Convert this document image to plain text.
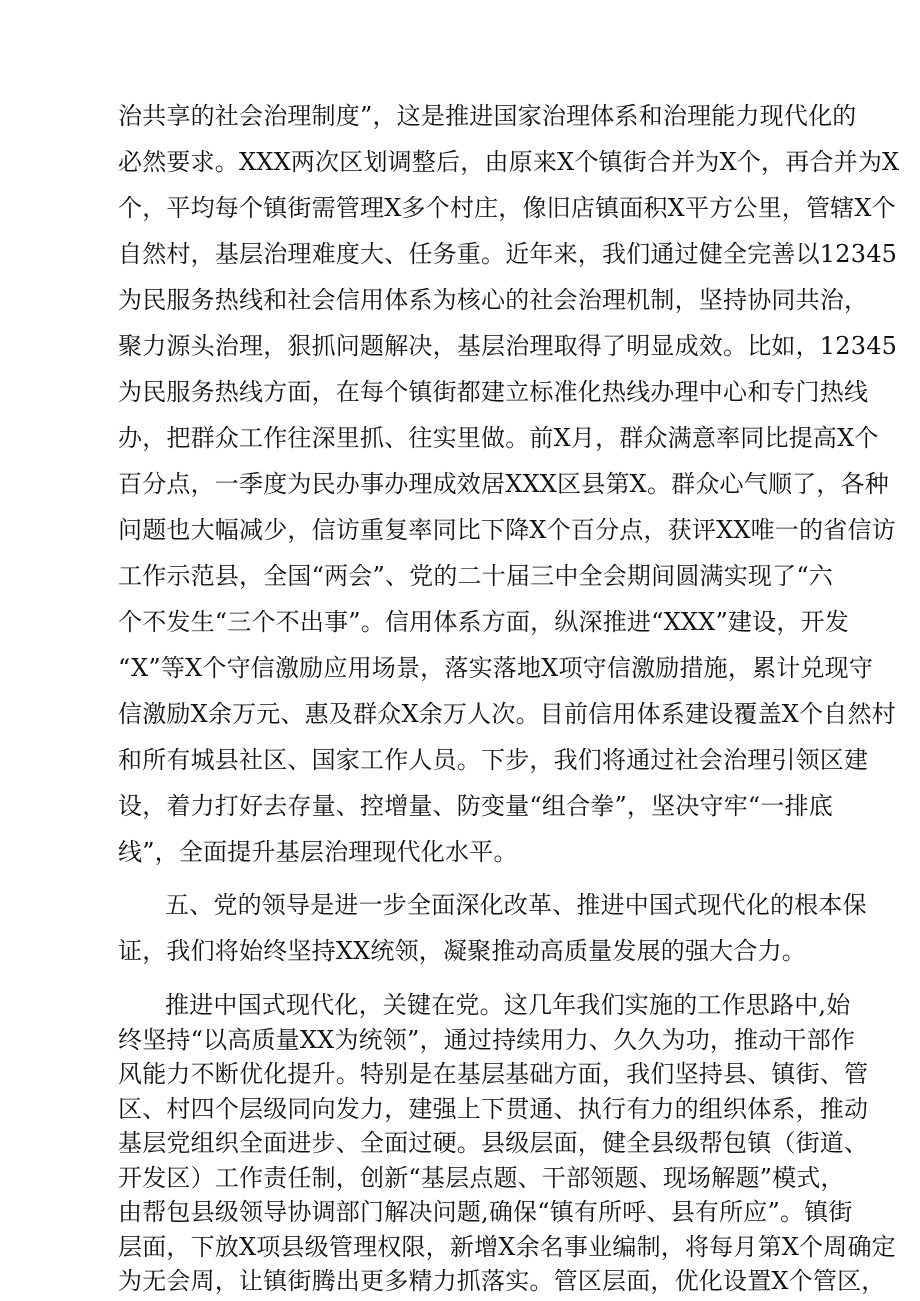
治共享的社会治理制度”，这是推进国家治理体系和治理能力现代化的
必然要求。XXX两次区划调整后，由原来X个镇街合并为X个，再合并为X
个，平均每个镇街需管理X多个村庄，像旧店镇面积X平方公里，管辖X个
自然村，基层治理难度大、任务重。近年来，我们通过健全完善以12345
为民服务热线和社会信用体系为核心的社会治理机制，坚持协同共治，
聚力源头治理，狠抓问题解决，基层治理取得了明显成效。比如，12345
为民服务热线方面，在每个镇街都建立标准化热线办理中心和专门热线
办，把群众工作往深里抓、往实里做。前X月，群众满意率同比提高X个
百分点，一季度为民办事办理成效居XXX区县第X。群众心气顺了，各种
问题也大幅减少，信访重复率同比下降X个百分点，获评XX唯一的省信访
工作示范县，全国“两会”、党的二十届三中全会期间圆满实现了“六
个不发生“三个不出事”。信用体系方面，纵深推进“XXX”建设，开发
“X”等X个守信激励应用场景，落实落地X项守信激励措施，累计兑现守
信激励X余万元、惠及群众X余万人次。目前信用体系建设覆盖X个自然村
和所有城县社区、国家工作人员。下步，我们将通过社会治理引领区建
设，着力打好去存量、控增量、防变量“组合拳”，坚决守牢“一排底
线”，全面提升基层治理现代化水平。
五、党的领导是进一步全面深化改革、推进中国式现代化的根本保
证，我们将始终坚持XX统领，凝聚推动高质量发展的强大合力。
推进中国式现代化，关键在党。这几年我们实施的工作思路中,始
终坚持“以高质量XX为统领”，通过持续用力、久久为功，推动干部作
风能力不断优化提升。特别是在基层基础方面，我们坚持县、镇街、管
区、村四个层级同向发力，建强上下贯通、执行有力的组织体系，推动
基层党组织全面进步、全面过硬。县级层面，健全县级帮包镇（街道、
开发区）工作责任制，创新“基层点题、干部领题、现场解题”模式，
由帮包县级领导协调部门解决问题,确保“镇有所呼、县有所应”。镇街
层面，下放X项县级管理权限，新增X余名事业编制，将每月第X个周确定
为无会周，让镇街腾出更多精力抓落实。管区层面，优化设置X个管区，
